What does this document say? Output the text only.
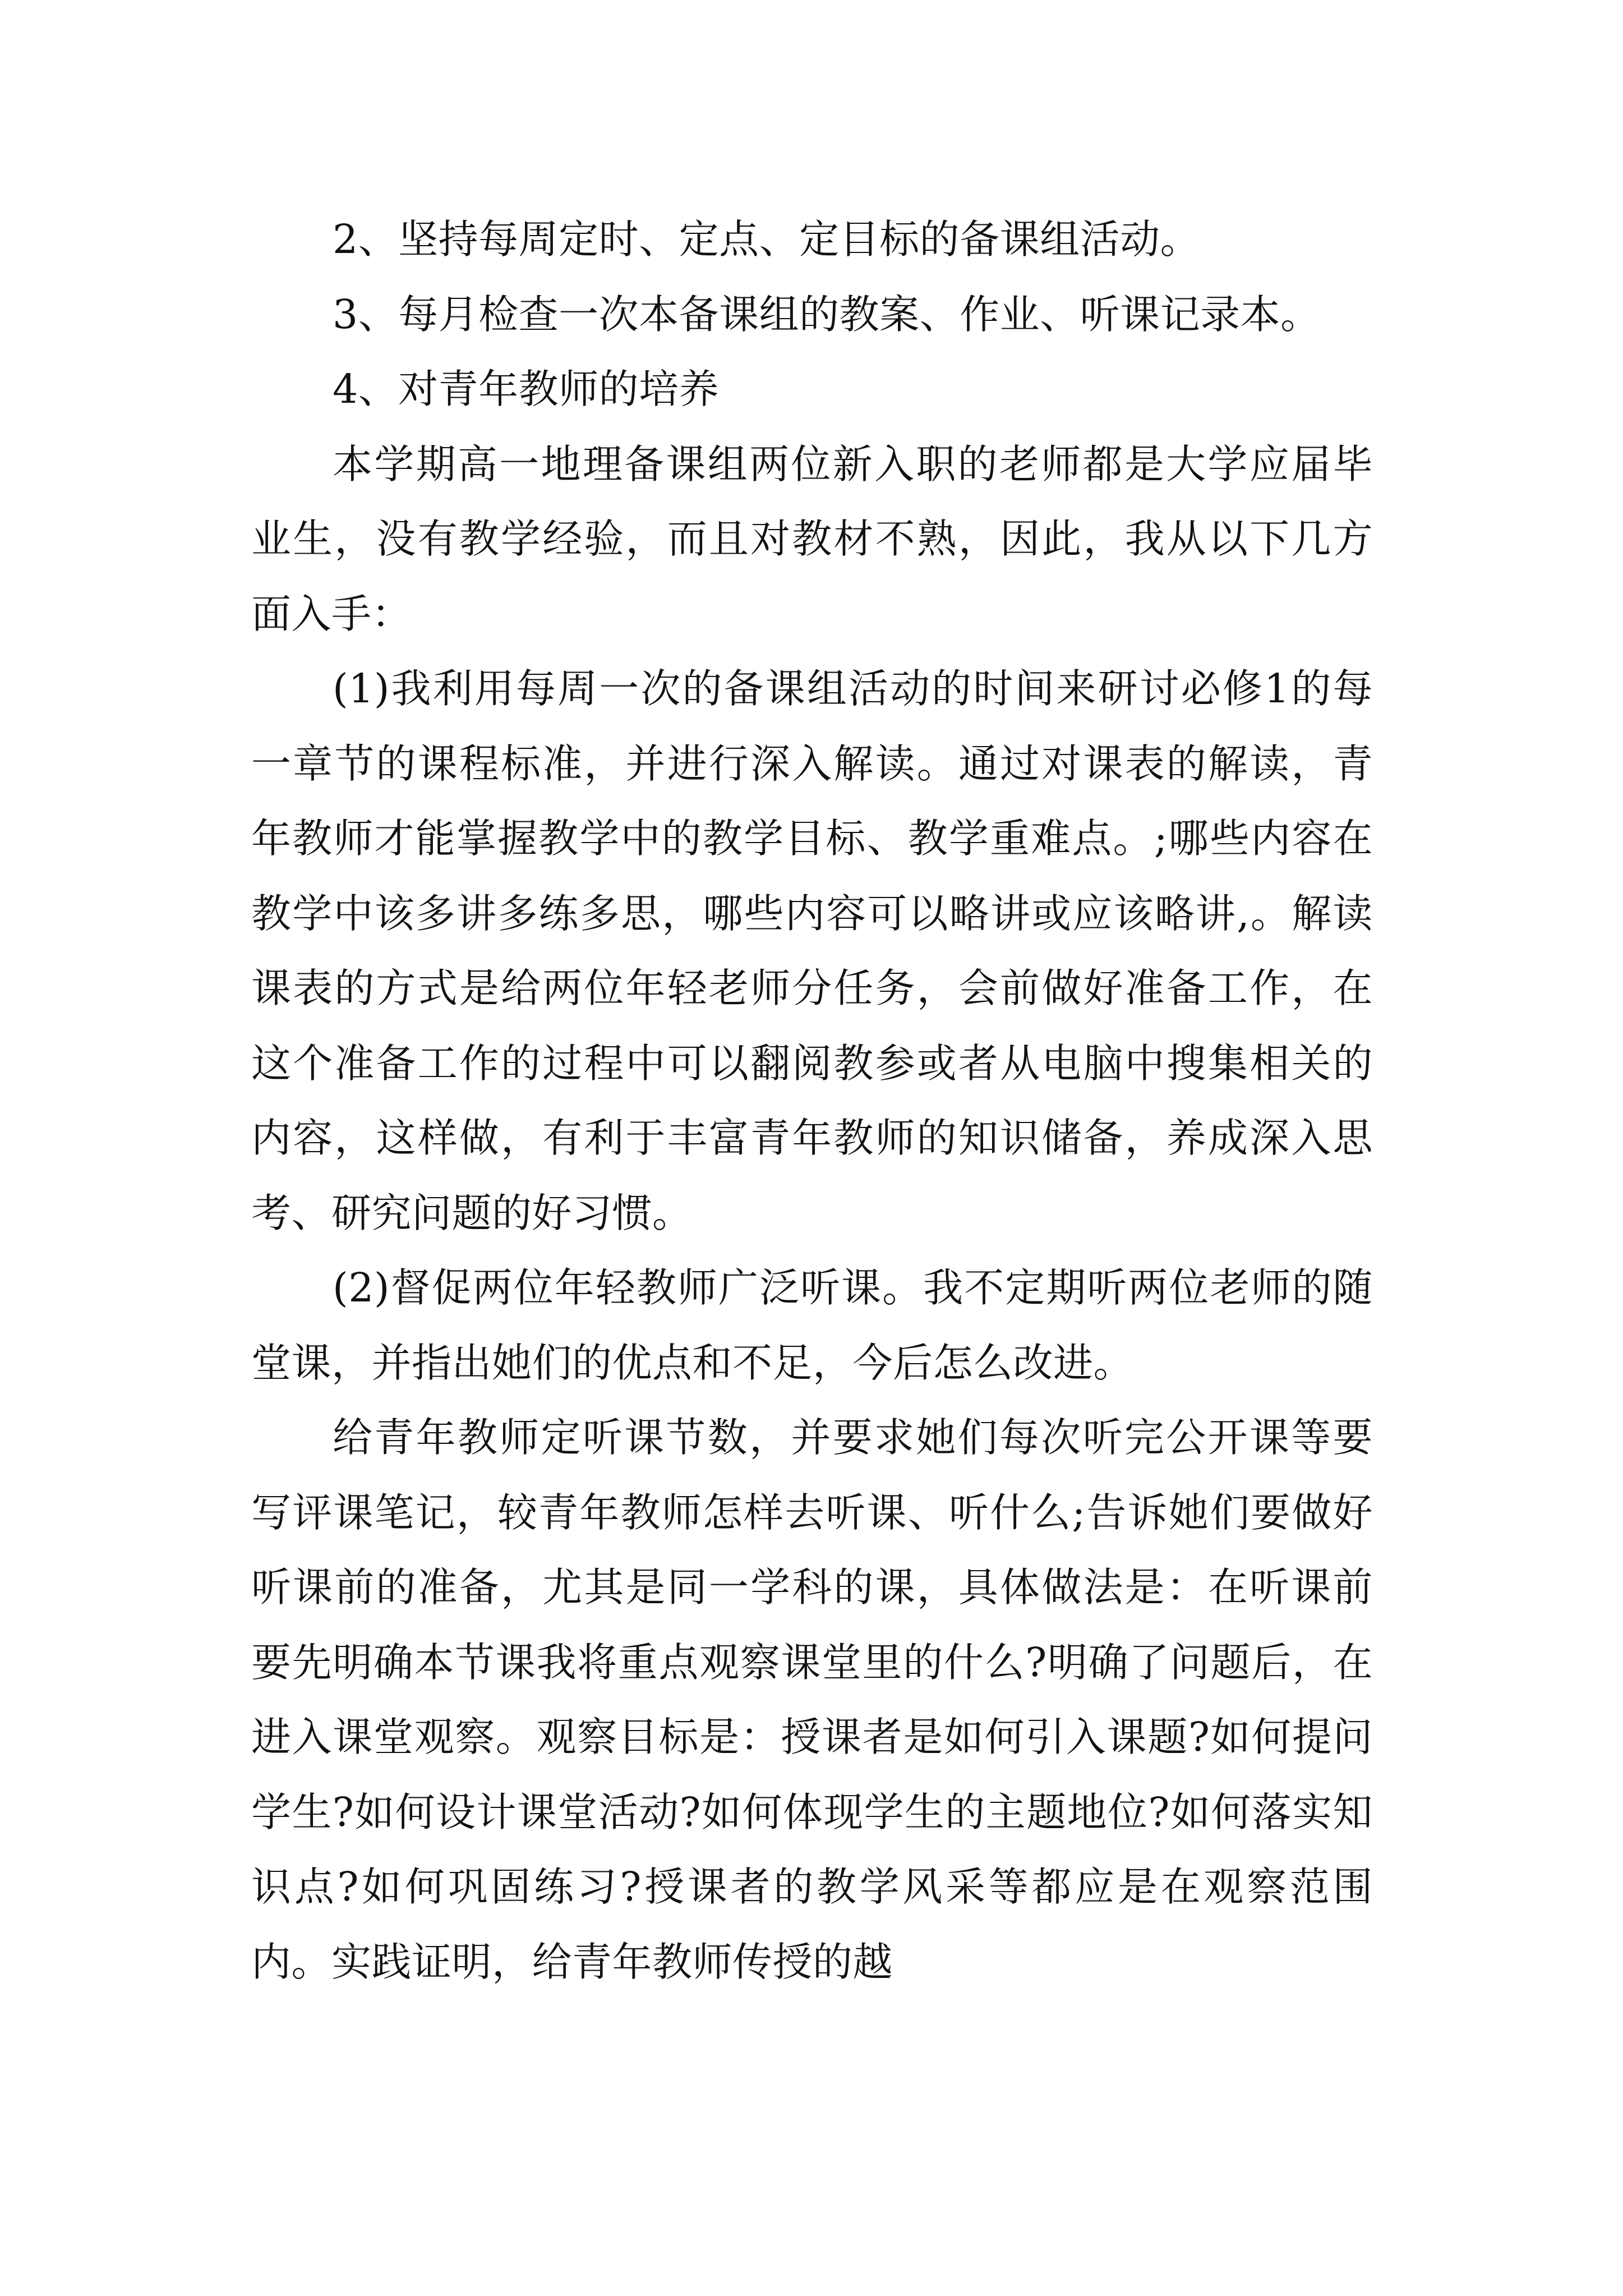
2、坚持每周定时、定点、定目标的备课组活动。

3、每月检查一次本备课组的教案、作业、听课记录本。

4、对青年教师的培养

本学期高一地理备课组两位新入职的老师都是大学应届毕业生，没有教学经验，而且对教材不熟，因此，我从以下几方面入手：

(1)我利用每周一次的备课组活动的时间来研讨必修1的每一章节的课程标准，并进行深入解读。通过对课表的解读，青年教师才能掌握教学中的教学目标、教学重难点。;哪些内容在教学中该多讲多练多思，哪些内容可以略讲或应该略讲,。解读课表的方式是给两位年轻老师分任务，会前做好准备工作，在这个准备工作的过程中可以翻阅教参或者从电脑中搜集相关的内容，这样做，有利于丰富青年教师的知识储备，养成深入思考、研究问题的好习惯。

(2)督促两位年轻教师广泛听课。我不定期听两位老师的随堂课，并指出她们的优点和不足，今后怎么改进。

给青年教师定听课节数，并要求她们每次听完公开课等要写评课笔记，较青年教师怎样去听课、听什么;告诉她们要做好听课前的准备，尤其是同一学科的课，具体做法是：在听课前要先明确本节课我将重点观察课堂里的什么?明确了问题后，在进入课堂观察。观察目标是：授课者是如何引入课题?如何提问学生?如何设计课堂活动?如何体现学生的主题地位?如何落实知识点?如何巩固练习?授课者的教学风采等都应是在观察范围内。实践证明，给青年教师传授的越
